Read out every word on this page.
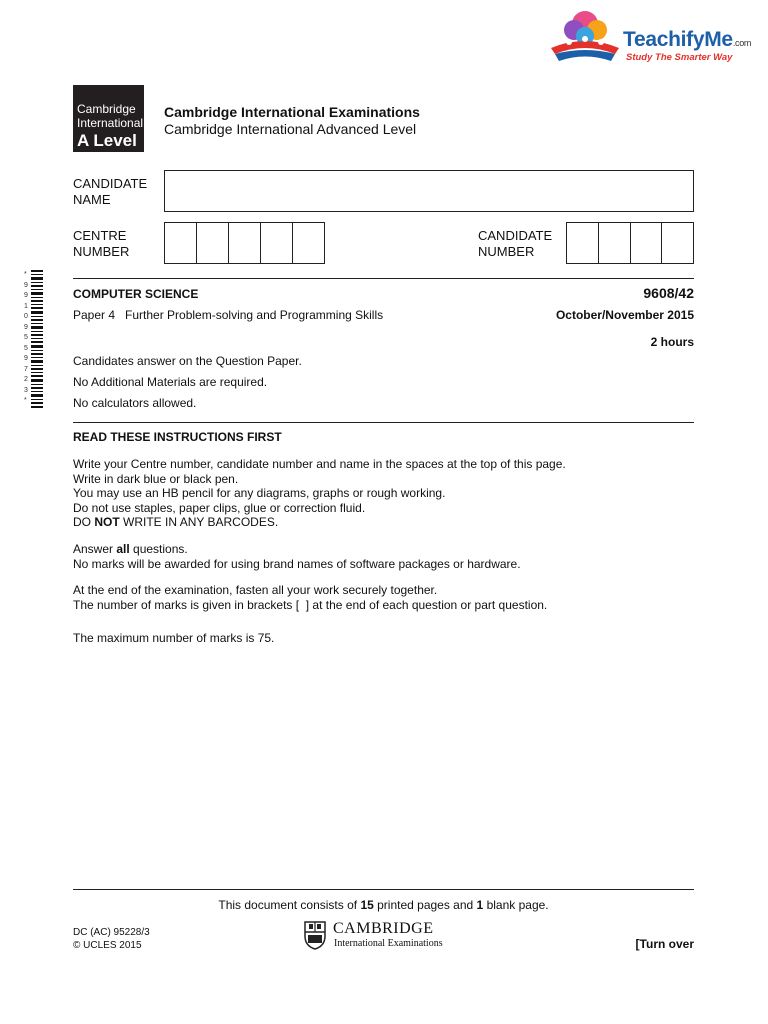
TeachifyMe.com
Study The Smarter Way
Cambridge
International
A Level
Cambridge International Examinations
Cambridge International Advanced Level
CANDIDATE
NAME
CENTRE
NUMBER
CANDIDATE
NUMBER
* 9 9 1 0 9 5 5 9 7 2 3 *
COMPUTER SCIENCE	9608/42
Paper 4   Further Problem-solving and Programming Skills	October/November 2015
2 hours
Candidates answer on the Question Paper.
No Additional Materials are required.
No calculators allowed.
READ THESE INSTRUCTIONS FIRST

Write your Centre number, candidate number and name in the spaces at the top of this page.

Write in dark blue or black pen.

You may use an HB pencil for any diagrams, graphs or rough working.

Do not use staples, paper clips, glue or correction fluid.

DO NOT WRITE IN ANY BARCODES.

Answer all questions.

No marks will be awarded for using brand names of software packages or hardware.

At the end of the examination, fasten all your work securely together.

The number of marks is given in brackets [  ] at the end of each question or part question.

The maximum number of marks is 75.
This document consists of 15 printed pages and 1 blank page.
DC (AC) 95228/3
© UCLES 2015
CAMBRIDGE
International Examinations	[Turn over
